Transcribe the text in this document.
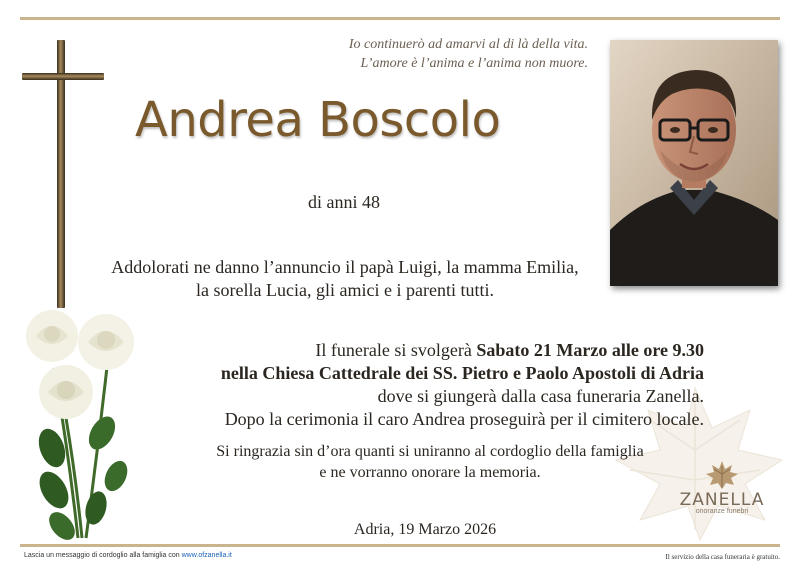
Io continuerò ad amarvi al di là della vita.
L’amore è l’anima e l’anima non muore.
Andrea Boscolo
di anni 48
Addolorati ne danno l’annuncio il papà Luigi, la mamma Emilia,
la sorella Lucia, gli amici e i parenti tutti.
Il funerale si svolgerà Sabato 21 Marzo alle ore 9.30
nella Chiesa Cattedrale dei SS. Pietro e Paolo Apostoli di Adria
dove si giungerà dalla casa funeraria Zanella.
Dopo la cerimonia il caro Andrea proseguirà per il cimitero locale.
Si ringrazia sin d’ora quanti si uniranno al cordoglio della famiglia
e ne vorranno onorare la memoria.
Adria, 19 Marzo 2026
ZANELLA
onoranze funebri
Lascia un messaggio di cordoglio alla famiglia con www.ofzanella.it	Il servizio della casa funeraria è gratuito.
